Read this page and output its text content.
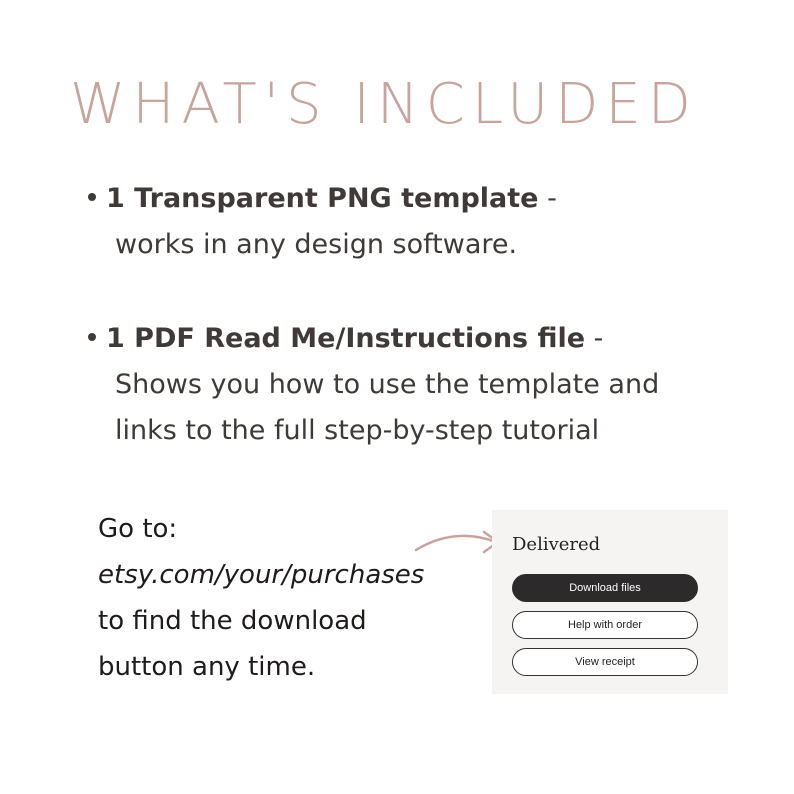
WHAT'S INCLUDED
1 Transparent PNG template -
works in any design software.
1 PDF Read Me/Instructions file -
Shows you how to use the template and
links to the full step-by-step tutorial
Go to:
etsy.com/your/purchases
to find the download
button any time.
Delivered
Download files
Help with order
View receipt
